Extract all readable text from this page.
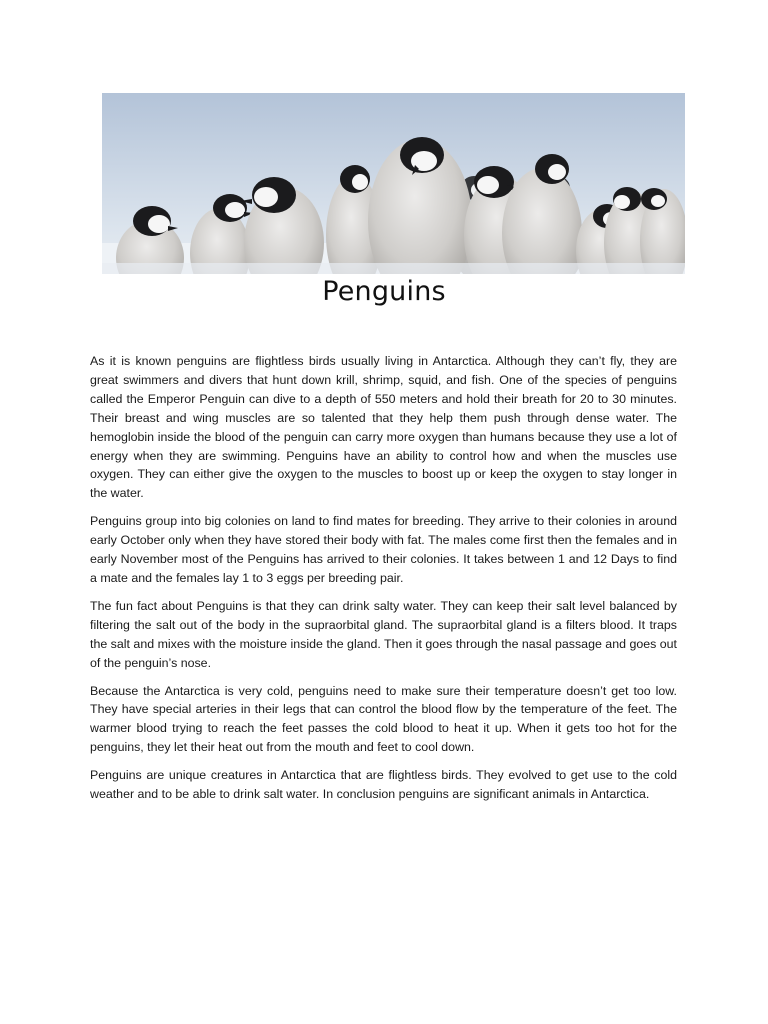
Penguins

As it is known penguins are flightless birds usually living in Antarctica. Although they can’t fly, they are great swimmers and divers that hunt down krill, shrimp, squid, and fish. One of the species of penguins called the Emperor Penguin can dive to a depth of 550 meters and hold their breath for 20 to 30 minutes. Their breast and wing muscles are so talented that they help them push through dense water. The hemoglobin inside the blood of the penguin can carry more oxygen than humans because they use a lot of energy when they are swimming. Penguins have an ability to control how and when the muscles use oxygen. They can either give the oxygen to the muscles to boost up or keep the oxygen to stay longer in the water.

Penguins group into big colonies on land to find mates for breeding. They arrive to their colonies in around early October only when they have stored their body with fat. The males come first then the females and in early November most of the Penguins has arrived to their colonies. It takes between 1 and 12 Days to find a mate and the females lay 1 to 3 eggs per breeding pair.

The fun fact about Penguins is that they can drink salty water. They can keep their salt level balanced by filtering the salt out of the body in the supraorbital gland. The supraorbital gland is a filters blood. It traps the salt and mixes with the moisture inside the gland. Then it goes through the nasal passage and goes out of the penguin’s nose.

Because the Antarctica is very cold, penguins need to make sure their temperature doesn’t get too low. They have special arteries in their legs that can control the blood flow by the temperature of the feet. The warmer blood trying to reach the feet passes the cold blood to heat it up. When it gets too hot for the penguins, they let their heat out from the mouth and feet to cool down.

Penguins are unique creatures in Antarctica that are flightless birds. They evolved to get use to the cold weather and to be able to drink salt water. In conclusion penguins are significant animals in Antarctica.
